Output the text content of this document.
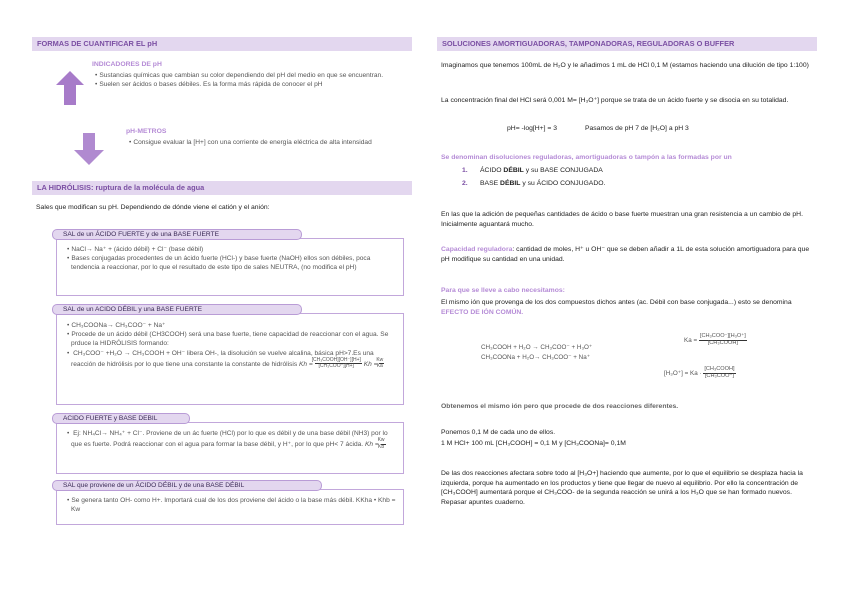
FORMAS DE CUANTIFICAR EL pH
INDICADORES DE pH
• Sustancias químicas que cambian su color dependiendo del pH del medio en que se encuentran.
• Suelen ser ácidos o bases débiles. Es la forma más rápida de conocer el pH
pH-METROS
• Consigue evaluar la [H+] con una corriente de energía eléctrica de alta intensidad
LA HIDRÓLISIS: ruptura de la molécula de agua
Sales que modifican su pH. Dependiendo de dónde viene el catión y el anión:
SAL de un ÁCIDO FUERTE y de una BASE FUERTE
• NaCl→ Na⁺ + (ácido débil) + Cl⁻ (base débil)
• Bases conjugadas procedentes de un ácido fuerte (HCl-) y base fuerte (NaOH) ellos son débiles, poca tendencia a reaccionar, por lo que el resultado de este tipo de sales NEUTRA, (no modifica el pH)
SAL de un ACIDO DÉBIL y una BASE FUERTE
• CH₃COONa→ CH₃COO⁻ + Na⁺
• Procede de un ácido débil (CH3COOH) será una base fuerte, tiene capacidad de reaccionar con el agua. Se prduce la HIDRÓLISIS formando:
• CH₃COO⁻ +H₂O → CH₃COOH + OH⁻ libera OH-, la disolución se vuelve alcalina, básica pH>7.Es una reacción de hidrólisis por lo que tiene una constante la constante de hidrólisis $Kh = \frac{\text{[CH₃COOH][OH⁻][H+]}}{\text{[CH₃COO⁻][H+]}}$ $Kh = \frac{Kw}{Ka}$
ACIDO FUERTE y BASE DEBIL
• Ej: NH₄Cl→ NH₄⁺ + Cl⁻. Proviene de un ác fuerte (HCl) por lo que es débil y de una base débil (NH3) por lo que es fuerte. Podrá reaccionar con el agua para formar la base débil, y H⁺, por lo que pH< 7 ácida. $Kh = \frac{Kw}{Kb}$
SAL que proviene de un ÁCIDO DÉBIL y de una BASE DÉBIL
• Se genera tanto OH- como H+. Importará cual de los dos proviene del ácido o la base más débil. KKha • Khb = Kw
SOLUCIONES AMORTIGUADORAS, TAMPONADORAS, REGULADORAS O BUFFER
Imaginamos que tenemos 100mL de H₂O y le añadimos 1 mL de HCl 0,1 M (estamos haciendo una dilución de tipo 1:100)
La concentración final del HCl será 0,001 M= [H₃O⁺] porque se trata de un ácido fuerte y se disocia en su totalidad.
pH= -log[H+] = 3	Pasamos de pH 7 de [H₂O] a pH 3
Se denominan disoluciones reguladoras, amortiguadoras o tampón a las formadas por un
1. ÁCIDO DÉBIL y su BASE CONJUGADA
2. BASE DÉBIL y su ÁCIDO CONJUGADO.
En las que la adición de pequeñas cantidades de ácido o base fuerte muestran una gran resistencia a un cambio de pH. Inicialmente aguantará mucho.
Capacidad reguladora: cantidad de moles, H⁺ u OH⁻ que se deben añadir a 1L de esta solución amortiguadora para que pH modifique su cantidad en una unidad.
Para que se lleve a cabo necesitamos:
El mismo ión que provenga de los dos compuestos dichos antes (ac. Débil con base conjugada...) esto se denomina EFECTO DE IÓN COMÚN.
CH₃COOH + H₂O → CH₃COO⁻ + H₃O⁺
CH₃COONa + H₂O→ CH₃COO⁻ + Na⁺
$Ka = \frac{\text{[CH₃COO⁻][H₃O⁺]}}{\text{[CH₃COOH]}}$
$[H_3O^+] = Ka \cdot \frac{\text{[CH₃COOH]}}{\text{[CH₃COO⁻]}}$
Obtenemos el mismo ión pero que procede de dos reacciones diferentes.
Ponemos 0,1 M de cada uno de ellos.
1 M HCl+ 100 mL [CH₃COOH] = 0,1 M y [CH₃COONa]= 0,1M
De las dos reacciones afectara sobre todo al [H₃O+] haciendo que aumente, por lo que el equilibrio se desplaza hacia la izquierda, porque ha aumentado en los productos y tiene que llegar de nuevo al equilibrio. Por ello la concentración de [CH₃COOH] aumentará porque el CH₃COO- de la segunda reacción se unirá a los H₃O que se han formado nuevos. Repasar apuntes cuaderno.
